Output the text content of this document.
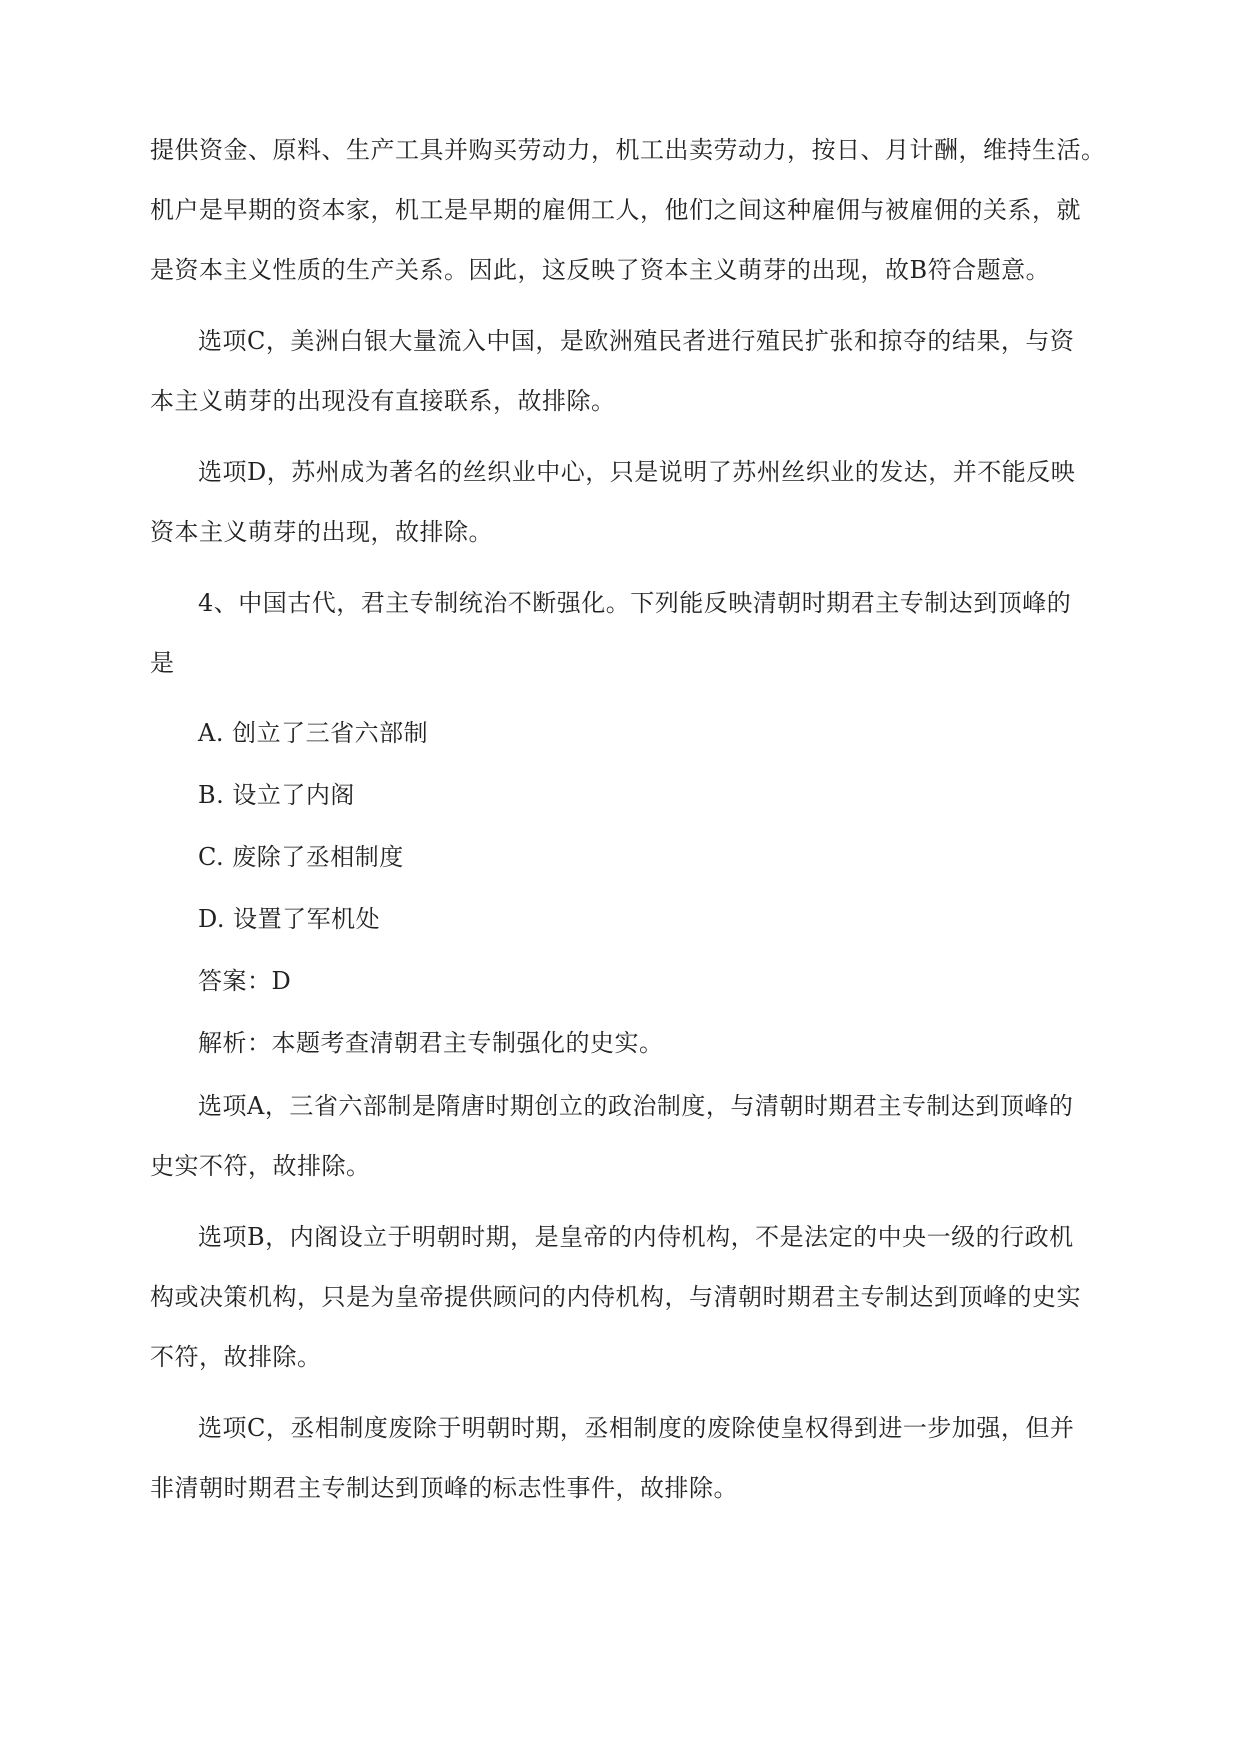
提供资金、原料、生产工具并购买劳动力，机工出卖劳动力，按日、月计酬，维持生活。
机户是早期的资本家，机工是早期的雇佣工人，他们之间这种雇佣与被雇佣的关系，就
是资本主义性质的生产关系。因此，这反映了资本主义萌芽的出现，故B符合题意。
选项C，美洲白银大量流入中国，是欧洲殖民者进行殖民扩张和掠夺的结果，与资
本主义萌芽的出现没有直接联系，故排除。
选项D，苏州成为著名的丝织业中心，只是说明了苏州丝织业的发达，并不能反映
资本主义萌芽的出现，故排除。
4、中国古代，君主专制统治不断强化。下列能反映清朝时期君主专制达到顶峰的
是
A. 创立了三省六部制
B. 设立了内阁
C. 废除了丞相制度
D. 设置了军机处
答案：D
解析：本题考查清朝君主专制强化的史实。
选项A，三省六部制是隋唐时期创立的政治制度，与清朝时期君主专制达到顶峰的
史实不符，故排除。
选项B，内阁设立于明朝时期，是皇帝的内侍机构，不是法定的中央一级的行政机
构或决策机构，只是为皇帝提供顾问的内侍机构，与清朝时期君主专制达到顶峰的史实
不符，故排除。
选项C，丞相制度废除于明朝时期，丞相制度的废除使皇权得到进一步加强，但并
非清朝时期君主专制达到顶峰的标志性事件，故排除。
